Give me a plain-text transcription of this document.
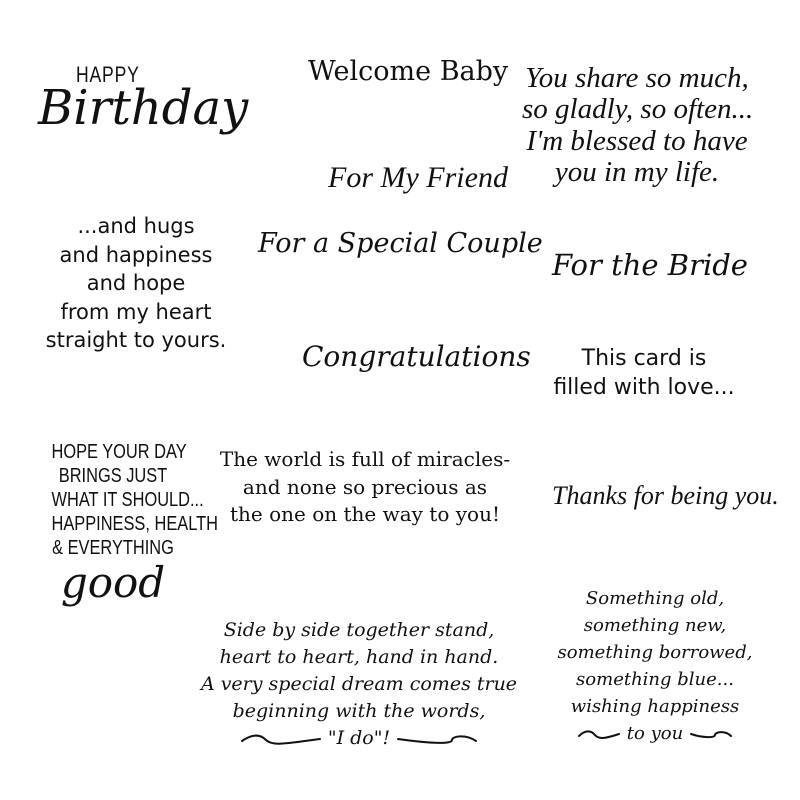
HAPPY
Birthday
Welcome Baby You share so much,
so gladly, so often...
I'm blessed to have
you in my life.
For My Friend
...and hugs
and happiness
and hope
from my heart
straight to yours.
For a Special Couple
For the Bride
Congratulations	This card is
filled with love...
HOPE YOUR DAY
BRINGS JUST
WHAT IT SHOULD...
HAPPINESS, HEALTH
& EVERYTHING
good
The world is full of miracles-
and none so precious as
the one on the way to you!
Thanks for being you.
Side by side together stand,
heart to heart, hand in hand.
A very special dream comes true
beginning with the words,
"I do"!
Something old,
something new,
something borrowed,
something blue...
wishing happiness
to you
